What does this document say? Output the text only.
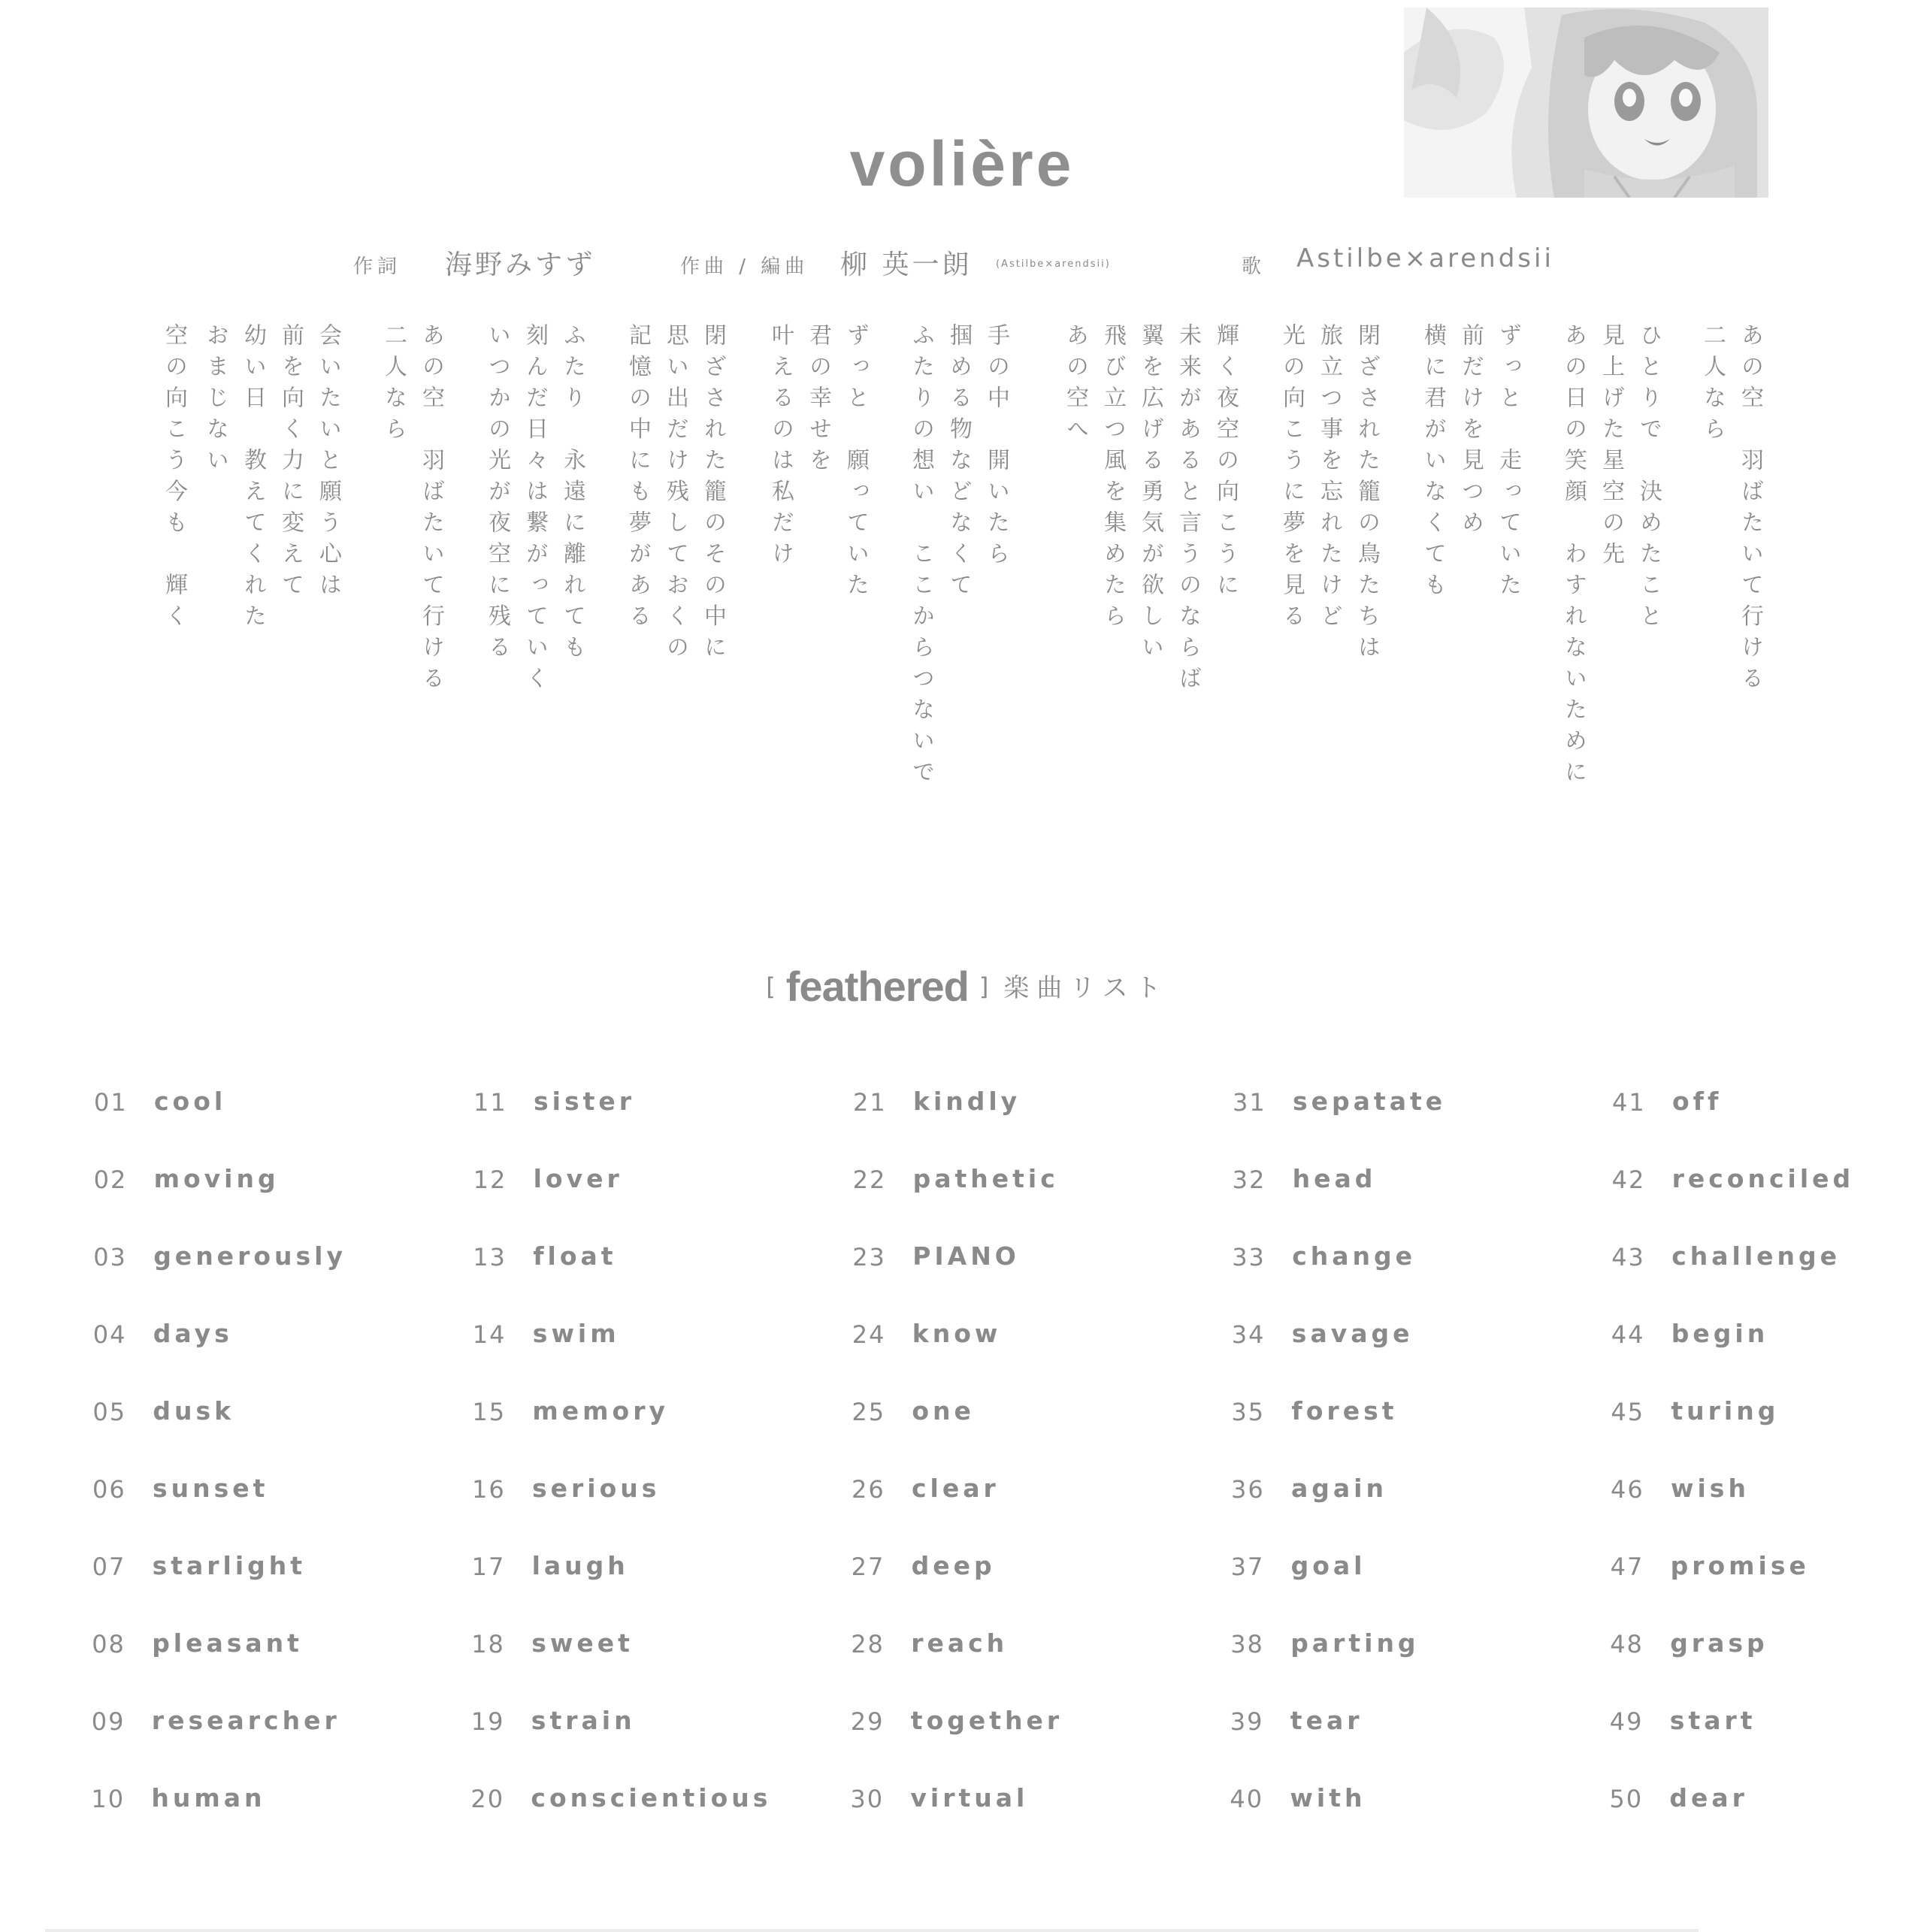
volière
作詞 海野みすず	作曲 / 編曲 柳 英一朗 (Astilbe×arendsii)	歌 Astilbe×arendsii
あの空　羽ばたいて行ける
二人なら
ひとりで　決めたこと
見上げた星空の先
あの日の笑顔　わすれないために
ずっと　走っていた
前だけを見つめ
横に君がいなくても
閉ざされた籠の鳥たちは
旅立つ事を忘れたけど
光の向こうに夢を見る
輝く夜空の向こうに
未来があると言うのならば
翼を広げる勇気が欲しい
飛び立つ風を集めたら
あの空へ
手の中　開いたら
掴める物などなくて
ふたりの想い　ここからつないで
ずっと　願っていた
君の幸せを
叶えるのは私だけ
閉ざされた籠のその中に
思い出だけ残しておくの
記憶の中にも夢がある
ふたり　永遠に離れても
刻んだ日々は繋がっていく
いつかの光が夜空に残る
あの空　羽ばたいて行ける
二人なら
会いたいと願う心は
前を向く力に変えて
幼い日　教えてくれた
おまじない
空の向こう今も　輝く
[ feathered ] 楽曲リスト
01 cool
02 moving
03 generously
04 days
05 dusk
06 sunset
07 starlight
08 pleasant
09 researcher
10 human
11 sister
12 lover
13 float
14 swim
15 memory
16 serious
17 laugh
18 sweet
19 strain
20 conscientious
21 kindly
22 pathetic
23 PIANO
24 know
25 one
26 clear
27 deep
28 reach
29 together
30 virtual
31 sepatate
32 head
33 change
34 savage
35 forest
36 again
37 goal
38 parting
39 tear
40 with
41 off
42 reconciled
43 challenge
44 begin
45 turing
46 wish
47 promise
48 grasp
49 start
50 dear
